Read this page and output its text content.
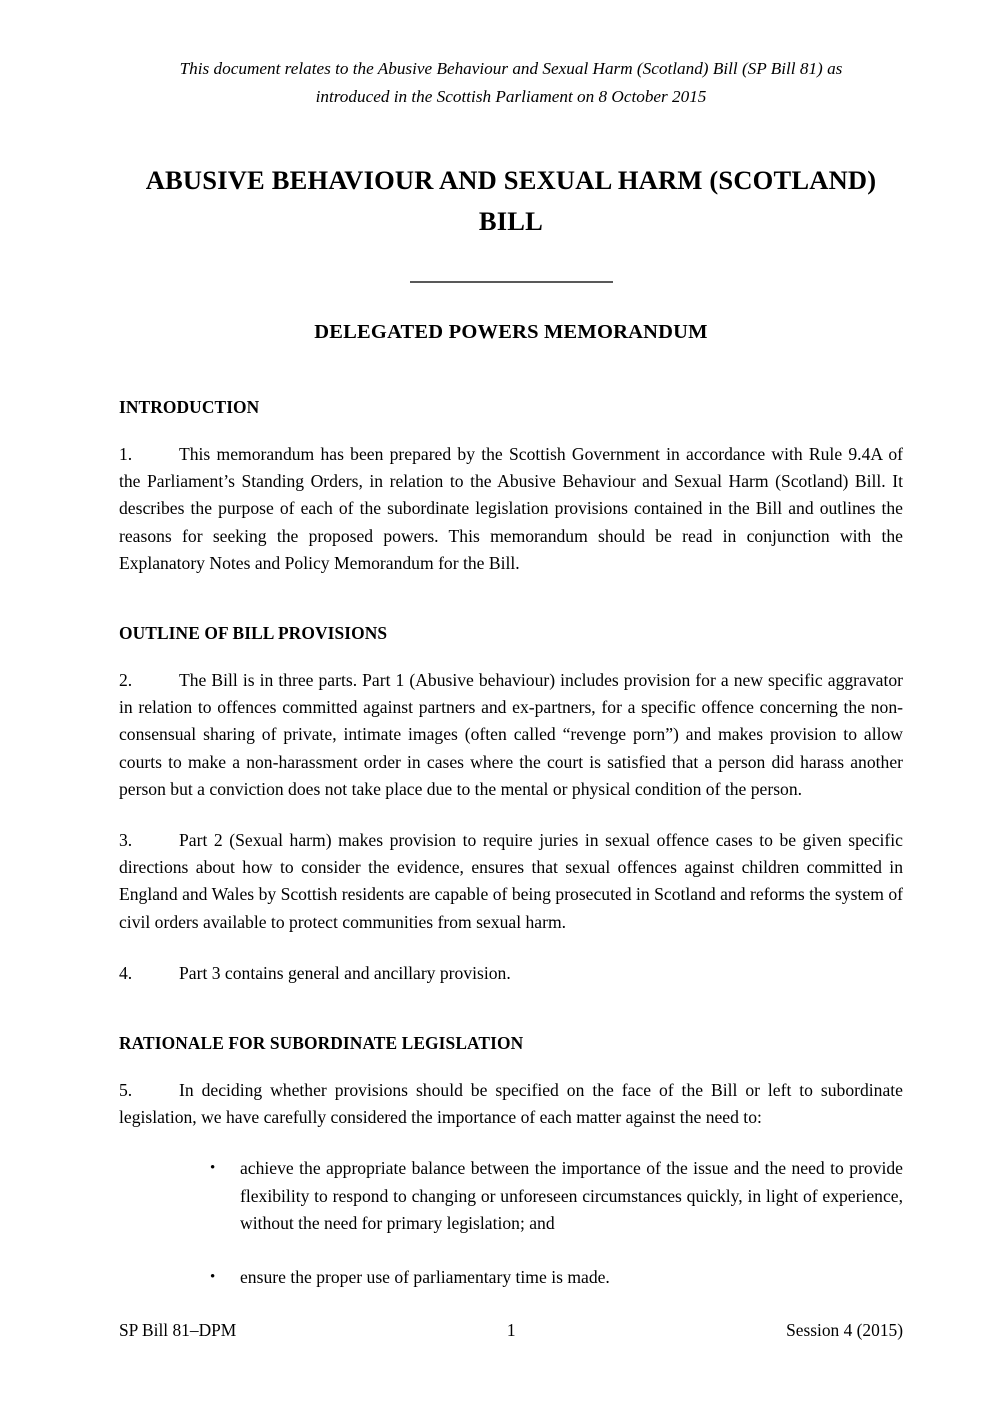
This document relates to the Abusive Behaviour and Sexual Harm (Scotland) Bill (SP Bill 81) as
introduced in the Scottish Parliament on 8 October 2015
ABUSIVE BEHAVIOUR AND SEXUAL HARM (SCOTLAND) BILL
DELEGATED POWERS MEMORANDUM
INTRODUCTION

1.	This memorandum has been prepared by the Scottish Government in accordance with Rule 9.4A of the Parliament’s Standing Orders, in relation to the Abusive Behaviour and Sexual Harm (Scotland) Bill. It describes the purpose of each of the subordinate legislation provisions contained in the Bill and outlines the reasons for seeking the proposed powers. This memorandum should be read in conjunction with the Explanatory Notes and Policy Memorandum for the Bill.

OUTLINE OF BILL PROVISIONS

2.	The Bill is in three parts. Part 1 (Abusive behaviour) includes provision for a new specific aggravator in relation to offences committed against partners and ex-partners, for a specific offence concerning the non-consensual sharing of private, intimate images (often called “revenge porn”) and makes provision to allow courts to make a non-harassment order in cases where the court is satisfied that a person did harass another person but a conviction does not take place due to the mental or physical condition of the person.

3.	Part 2 (Sexual harm) makes provision to require juries in sexual offence cases to be given specific directions about how to consider the evidence, ensures that sexual offences against children committed in England and Wales by Scottish residents are capable of being prosecuted in Scotland and reforms the system of civil orders available to protect communities from sexual harm.

4.	Part 3 contains general and ancillary provision.

RATIONALE FOR SUBORDINATE LEGISLATION

5.	In deciding whether provisions should be specified on the face of the Bill or left to subordinate legislation, we have carefully considered the importance of each matter against the need to:

• achieve the appropriate balance between the importance of the issue and the need to provide flexibility to respond to changing or unforeseen circumstances quickly, in light of experience, without the need for primary legislation; and
• ensure the proper use of parliamentary time is made.
SP Bill 81–DPM	1	Session 4 (2015)
